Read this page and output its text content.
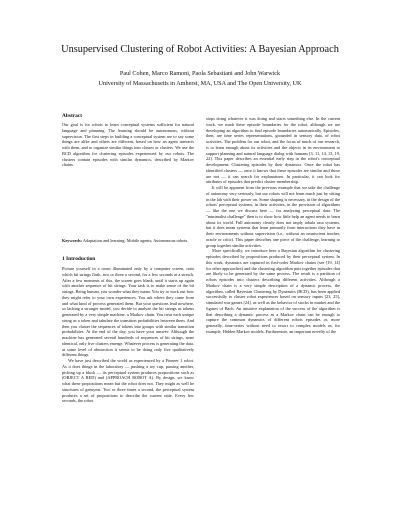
Unsupervised Clustering of Robot Activities: A Bayesian Approach
Paul Cohen, Marco Ramoni, Paola Sebastiani and John Warwick
University of Massachusetts in Amherst, MA, USA and The Open University, UK
Abstract

Our goal is for robots to learn conceptual systems sufficient for natural language and planning. The learning should be autonomous, without supervision. The first steps in building a conceptual system are to say some things are alike and others are different, based on how an agent interacts with them, and to organize similar things into classes or clusters. We use the BCD algorithm for clustering episodes experienced by our robots. The clusters contain episodes with similar dynamics, described by Markov chains.

Keywords: Adaptation and learning; Mobile agents; Autonomous robots.
1 Introduction

Picture yourself in a room illuminated only by a computer screen, onto which bit strings flash, two or three a second, for a few seconds at a stretch. After a few moments of this, the screen goes blank, until it starts up again with another sequence of bit strings. Your task is to make sense of the bit strings. Being human, you wonder what they mean. You try to work out how they might refer to your own experiences. You ask where they came from and what kind of process generated them. But your questions lead nowhere, so lacking a stronger model, you decide to analyze the bit strings as tokens generated by a very simple machine, a Markov chain. You treat each unique string as a token and tabulate the transition probabilities between them. And then you cluster the sequences of tokens into groups with similar transition probabilities. At the end of the day, you have your answer: Although the machine has generated several hundreds of sequences of bit strings, none identical, only five clusters emerge. Whatever process is generating the data, at some level of abstraction it seems to be doing only five qualitatively different things.

We have just described the world as experienced by a Pioneer 1 robot. As it does things in the laboratory — pushing a toy cup, passing another, picking up a block — its perceptual system produces propositions such as (OBJECT A RED) and (APPROACH ROBOT A). By design, we know what these propositions mean but the robot does not. They might as well be structures of gensyms. Two or three times a second, the perceptual system produces a set of propositions to describe the current state. Every few seconds, the robot

stops doing whatever it was doing and starts something else. In the current work, we mark these episode boundaries for the robot, although we are developing an algorithm to find episode boundaries automatically. Episodes, then, are time series representations, grounded in sensory data, of robot activities. The problem for our robot, and the focus of much of our research, is to learn enough about its activities and the objects in its environment to support planning and natural language dialog with humans [3, 11, 14, 13, 19, 22]. This paper describes an essential early step in the robot's conceptual development: Clustering episodes by their dynamics. Once the robot has identified clusters — once it knows that these episodes are similar and those are not — it can search for explanations. In particular, it can look for attributes of episodes that predict cluster membership.

It will be apparent from the previous example that we take the challenge of autonomy very seriously, but our robots will not learn much just by sitting in the lab with their power on. Some shaping is necessary, in the design of the robots' perceptual systems, in their activities, in the provision of algorithms — like the one we discuss here — for analyzing perceptual data. The "minimalist challenge" then is to show how little help an agent needs to learn about its world. Full autonomy clearly does not imply tabula rasa systems, but it does mean systems that learn primarily from interactions they have in their environments without supervision (i.e., without an omniscient teacher, oracle or critic). This paper describes one piece of the challenge, learning to group together similar activities.

More specifically, we introduce here a Bayesian algorithm for clustering episodes described by propositions produced by their perceptual system. In this work, dynamics are captured in first-order Markov chains (see [19, 14] for other approaches) and the clustering algorithm puts together episodes that are likely to be generated by the same process. The result is a partition of robots episodes into clusters describing different activities. Although a Markov chain is a very simple description of a dynamic process, the algorithm, called Bayesian Clustering by Dynamics (BCD), has been applied successfully to cluster robot experiences based on sensory inputs [23, 25], simulated war games [24], as well as the behavior of stocks in market and the figures of Bach. An intuitive explanation of the success of the algorithm is that describing a dynamic process as a Markov chain can be enough to capture the common dynamics of different robots episodes or, more generally, time-series without need to resort to complex models as, for example, Hidden Markov models. Furthermore, an important novelty of the
